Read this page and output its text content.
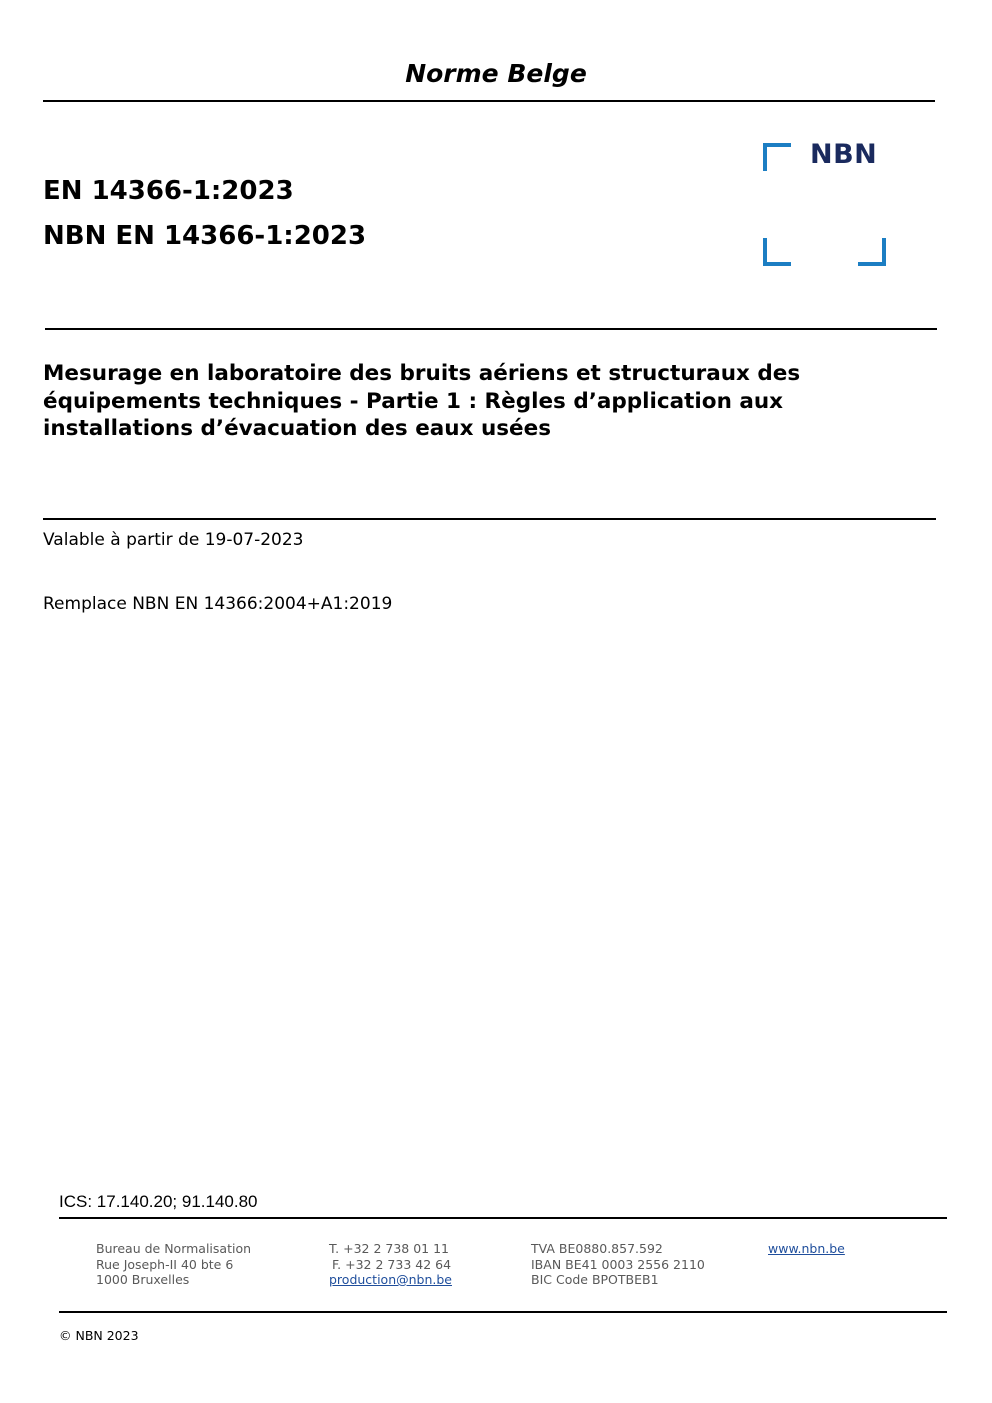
Norme Belge
EN 14366-1:2023
NBN EN 14366-1:2023
NBN
Mesurage en laboratoire des bruits aériens et structuraux des équipements techniques - Partie 1 : Règles d’application aux installations d’évacuation des eaux usées
Valable à partir de 19-07-2023
Remplace NBN EN 14366:2004+A1:2019
ICS: 17.140.20; 91.140.80
Bureau de Normalisation
Rue Joseph-II 40 bte 6
1000 Bruxelles
T. +32 2 738 01 11
F. +32 2 733 42 64
production@nbn.be
TVA BE0880.857.592
IBAN BE41 0003 2556 2110
BIC Code BPOTBEB1
www.nbn.be
© NBN 2023
